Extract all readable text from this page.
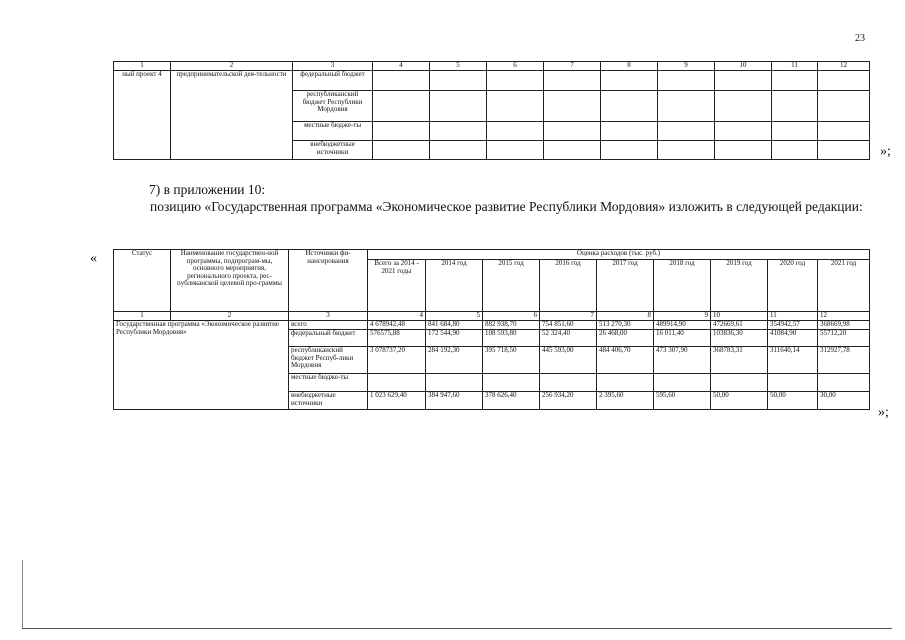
23
1	2	3	4	5	6	7	8	9	10	11	12
ный проект 4	предпринимательской дея-тельности	федеральный бюджет									
		республиканский бюджет Республики Мордовия									
		местные бюдже-ты									
		внебюджетные источники										»;
7) в приложении 10:
позицию «Государственная программа «Экономическое развитие Республики Мордовия» изложить в следующей редакции:
«	Статус	Наименование государствен-ной программы, подпрограм-мы, основного мероприятия, регионального проекта, рес-публиканской целевой про-граммы	Источники фи-нансирования	Оценка расходов (тыс. руб.)								
			Всего за 2014 - 2021 годы	2014 год	2015 год	2016 год	2017 год	2018 год	2019 год	2020 год	2021 год
1	2	3	4	5	6	7	8	9	10	11	12
Государственная программа «Экономическое развитие Республики Мордовия»		всего	4 678942,48	841 684,80	882 938,70	754 851,60	513 270,30	489914,90	472669,61	354942,57	368669,98
		федеральный бюджет	576575,88	172 544,90	108 593,80	52 324,40	26 468,00	16 011,40	103836,30	41084,90	55712,20
		республиканский бюджет Респуб-лики Мордовия	3 078737,20	284 192,30	395 718,50	445 593,00	484 406,70	473 307,90	368783,31	311640,14	312927,78
		местные бюдже-ты									
		внебюджетные источники	1 023 629,40	384 947,60	378 626,40	256 934,20	2 395,60	595,60	50,00	50,00	30,00
»;
